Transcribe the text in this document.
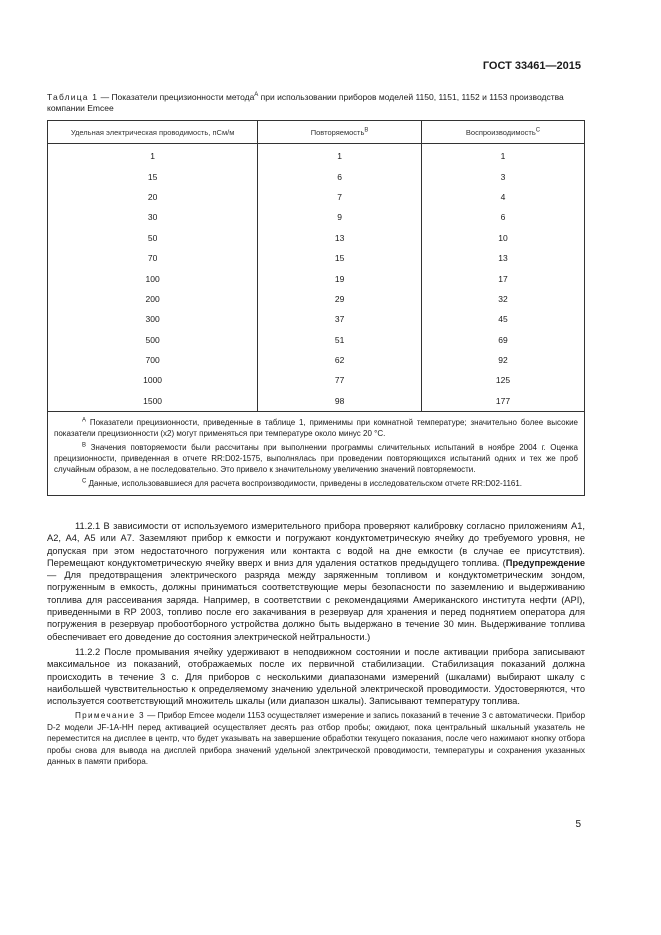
ГОСТ 33461—2015
Таблица 1 — Показатели прецизионности метода$^A$ при использовании приборов моделей 1150, 1151, 1152 и 1153 производства компании Emcee
Удельная электрическая проводимость, пСм/м	Повторяемость$^B$	Воспроизводимость$^C$
1	1	1
15	6	3
20	7	4
30	9	6
50	13	10
70	15	13
100	19	17
200	29	32
300	37	45
500	51	69
700	62	92
1000	77	125
1500	98	177

$^A$ Показатели прецизионности, приведенные в таблице 1, применимы при комнатной температуре; значительно более высокие показатели прецизионности (х2) могут применяться при температуре около минус 20 °С.

$^B$ Значения повторяемости были рассчитаны при выполнении программы сличительных испытаний в ноябре 2004 г. Оценка прецизионности, приведенная в отчете RR:D02-1575, выполнялась при проведении повторяющихся испытаний одних и тех же проб случайным образом, а не последовательно. Это привело к значительному увеличению значений повторяемости.

$^C$ Данные, использовавшиеся для расчета воспроизводимости, приведены в исследовательском отчете RR:D02-1161.		

11.2.1 В зависимости от используемого измерительного прибора проверяют калибровку согласно приложениям А1, А2, А4, А5 или А7. Заземляют прибор к емкости и погружают кондуктометрическую ячейку до требуемого уровня, не допуская при этом недостаточного погружения или контакта с водой на дне емкости (в случае ее присутствия). Перемещают кондуктометрическую ячейку вверх и вниз для удаления остатков предыдущего топлива. (Предупреждение — Для предотвращения электрического разряда между заряженным топливом и кондуктометрическим зондом, погруженным в емкость, должны приниматься соответствующие меры безопасности по заземлению и выдерживанию топлива для рассеивания заряда. Например, в соответствии с рекомендациями Американского института нефти (API), приведенными в RP 2003, топливо после его закачивания в резервуар для хранения и перед поднятием оператора для погружения в резервуар пробоотборного устройства должно быть выдержано в течение 30 мин. Выдерживание топлива обеспечивает его доведение до состояния электрической нейтральности.)

11.2.2 После промывания ячейку удерживают в неподвижном состоянии и после активации прибора записывают максимальное из показаний, отображаемых после их первичной стабилизации. Стабилизация показаний должна происходить в течение 3 с. Для приборов с несколькими диапазонами измерений (шкалами) выбирают шкалу с наибольшей чувствительностью к определяемому значению удельной электрической проводимости. Удостоверяются, что используется соответствующий множитель шкалы (или диапазон шкалы). Записывают температуру топлива.

Примечание 3 — Прибор Emcee модели 1153 осуществляет измерение и запись показаний в течение 3 с автоматически. Прибор D-2 модели JF-1A-HH перед активацией осуществляет десять раз отбор пробы; ожидают, пока центральный шкальный указатель не переместится на дисплее в центр, что будет указывать на завершение обработки текущего показания, после чего нажимают кнопку отбора пробы снова для вывода на дисплей прибора значений удельной электрической проводимости, температуры и сохранения указанных данных в памяти прибора.

5
